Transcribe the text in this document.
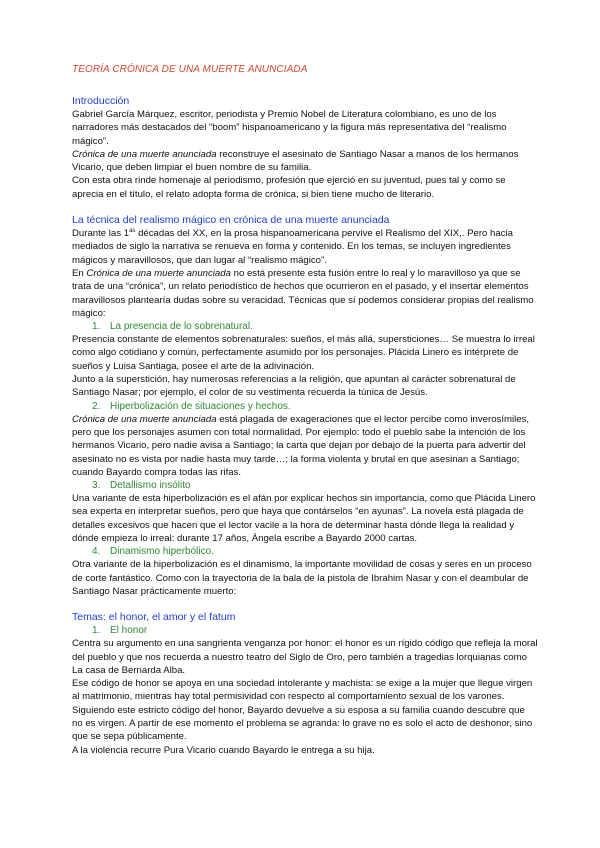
TEORÍA CRÓNICA DE UNA MUERTE ANUNCIADA
Introducción

Gabriel García Márquez, escritor, periodista y Premio Nobel de Literatura colombiano, es uno de los narradores más destacados del “boom” hispanoamericano y la figura más representativa del “realismo mágico”.

Crónica de una muerte anunciada reconstruye el asesinato de Santiago Nasar a manos de los hermanos Vicario, que deben limpiar el buen nombre de su familia.

Con esta obra rinde homenaje al periodismo, profesión que ejerció en su juventud, pues tal y como se aprecia en el título, el relato adopta forma de crónica, si bien tiene mucho de literario.

La técnica del realismo mágico en crónica de una muerte anunciada

Durante las $1^{as}$ décadas del XX, en la prosa hispanoamericana pervive el Realismo del XIX,. Pero hacia mediados de siglo la narrativa se renueva en forma y contenido. En los temas, se incluyen ingredientes mágicos y maravillosos, que dan lugar al “realismo mágico”.

En Crónica de una muerte anunciada no está presente esta fusión entre lo real y lo maravilloso ya que se trata de una “crónica”, un relato periodístico de hechos que ocurrieron en el pasado, y el insertar elementos maravillosos plantearía dudas sobre su veracidad. Técnicas que sí podemos considerar propias del realismo mágico:

1. La presencia de lo sobrenatural.

Presencia constante de elementos sobrenaturales: sueños, el más allá, supersticiones… Se muestra lo irreal como algo cotidiano y común, perfectamente asumido por los personajes. Plácida Linero es intérprete de sueños y Luisa Santiaga, posee el arte de la adivinación.

Junto a la superstición, hay numerosas referencias a la religión, que apuntan al carácter sobrenatural de Santiago Nasar; por ejemplo, el color de su vestimenta recuerda la túnica de Jesús.

2. Hiperbolización de situaciones y hechos.

Crónica de una muerte anunciada está plagada de exageraciones que el lector percibe como inverosímiles, pero que los personajes asumen con total normalidad. Por ejemplo: todo el pueblo sabe la intención de los hermanos Vicario, pero nadie avisa a Santiago; la carta que dejan por debajo de la puerta para advertir del asesinato no es vista por nadie hasta muy tarde…; la forma violenta y brutal en que asesinan a Santiago; cuando Bayardo compra todas las rifas.

3. Detallismo insólito

Una variante de esta hiperbolización es el afán por explicar hechos sin importancia, como que Plácida Linero sea experta en interpretar sueños, pero que haya que contárselos “en ayunas”. La novela está plagada de detalles excesivos que hacen que el lector vacile a la hora de determinar hasta dónde llega la realidad y dónde empieza lo irreal: durante 17 años, Ángela escribe a Bayardo 2000 cartas.

4. Dinamismo hiperbólico.

Otra variante de la hiperbolización es el dinamismo, la importante movilidad de cosas y seres en un proceso de corte fantástico. Como con la trayectoria de la bala de la pistola de Ibrahim Nasar y con el deambular de Santiago Nasar prácticamente muerto:

Temas: el honor, el amor y el fatum
1. El honor

Centra su argumento en una sangrienta venganza por honor: el honor es un rígido código que refleja la moral del pueblo y que nos recuerda a nuestro teatro del Siglo de Oro, pero también a tragedias lorquianas como La casa de Bernarda Alba.

Ese código de honor se apoya en una sociedad intolerante y machista: se exige a la mujer que llegue virgen al matrimonio, mientras hay total permisividad con respecto al comportamiento sexual de los varones.

Siguiendo este estricto código del honor, Bayardo devuelve a su esposa a su familia cuando descubre que no es virgen. A partir de ese momento el problema se agranda: lo grave no es solo el acto de deshonor, sino que se sepa públicamente.

A la violencia recurre Pura Vicario cuando Bayardo le entrega a su hija.
